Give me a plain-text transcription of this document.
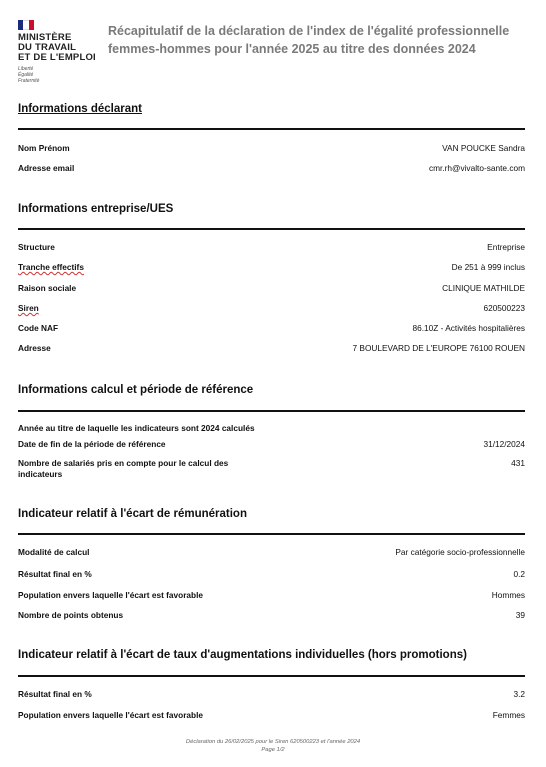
MINISTÈRE
DU TRAVAIL
ET DE L'EMPLOI
Liberté
Égalité
Fraternité
Récapitulatif de la déclaration de l'index de l'égalité professionnelle femmes-hommes pour l'année 2025 au titre des données 2024
Informations déclarant
Nom Prénom	VAN POUCKE Sandra
Adresse email	cmr.rh@vivalto-sante.com
Informations entreprise/UES
Structure	Entreprise
Tranche effectifs	De 251 à 999 inclus
Raison sociale	CLINIQUE MATHILDE
Siren	620500223
Code NAF	86.10Z - Activités hospitalières
Adresse	7 BOULEVARD DE L'EUROPE 76100 ROUEN
Informations calcul et période de référence
Année au titre de laquelle les indicateurs sont 2024 calculés
Date de fin de la période de référence	31/12/2024
Nombre de salariés pris en compte pour le calcul des indicateurs
431
Indicateur relatif à l'écart de rémunération
Modalité de calcul	Par catégorie socio-professionnelle
Résultat final en %	0.2
Population envers laquelle l'écart est favorable	Hommes
Nombre de points obtenus	39
Indicateur relatif à l'écart de taux d'augmentations individuelles (hors promotions)
Résultat final en %	3.2
Population envers laquelle l'écart est favorable	Femmes
Déclaration du 26/02/2025 pour le Siren 620500223 et l'année 2024
Page 1/2
